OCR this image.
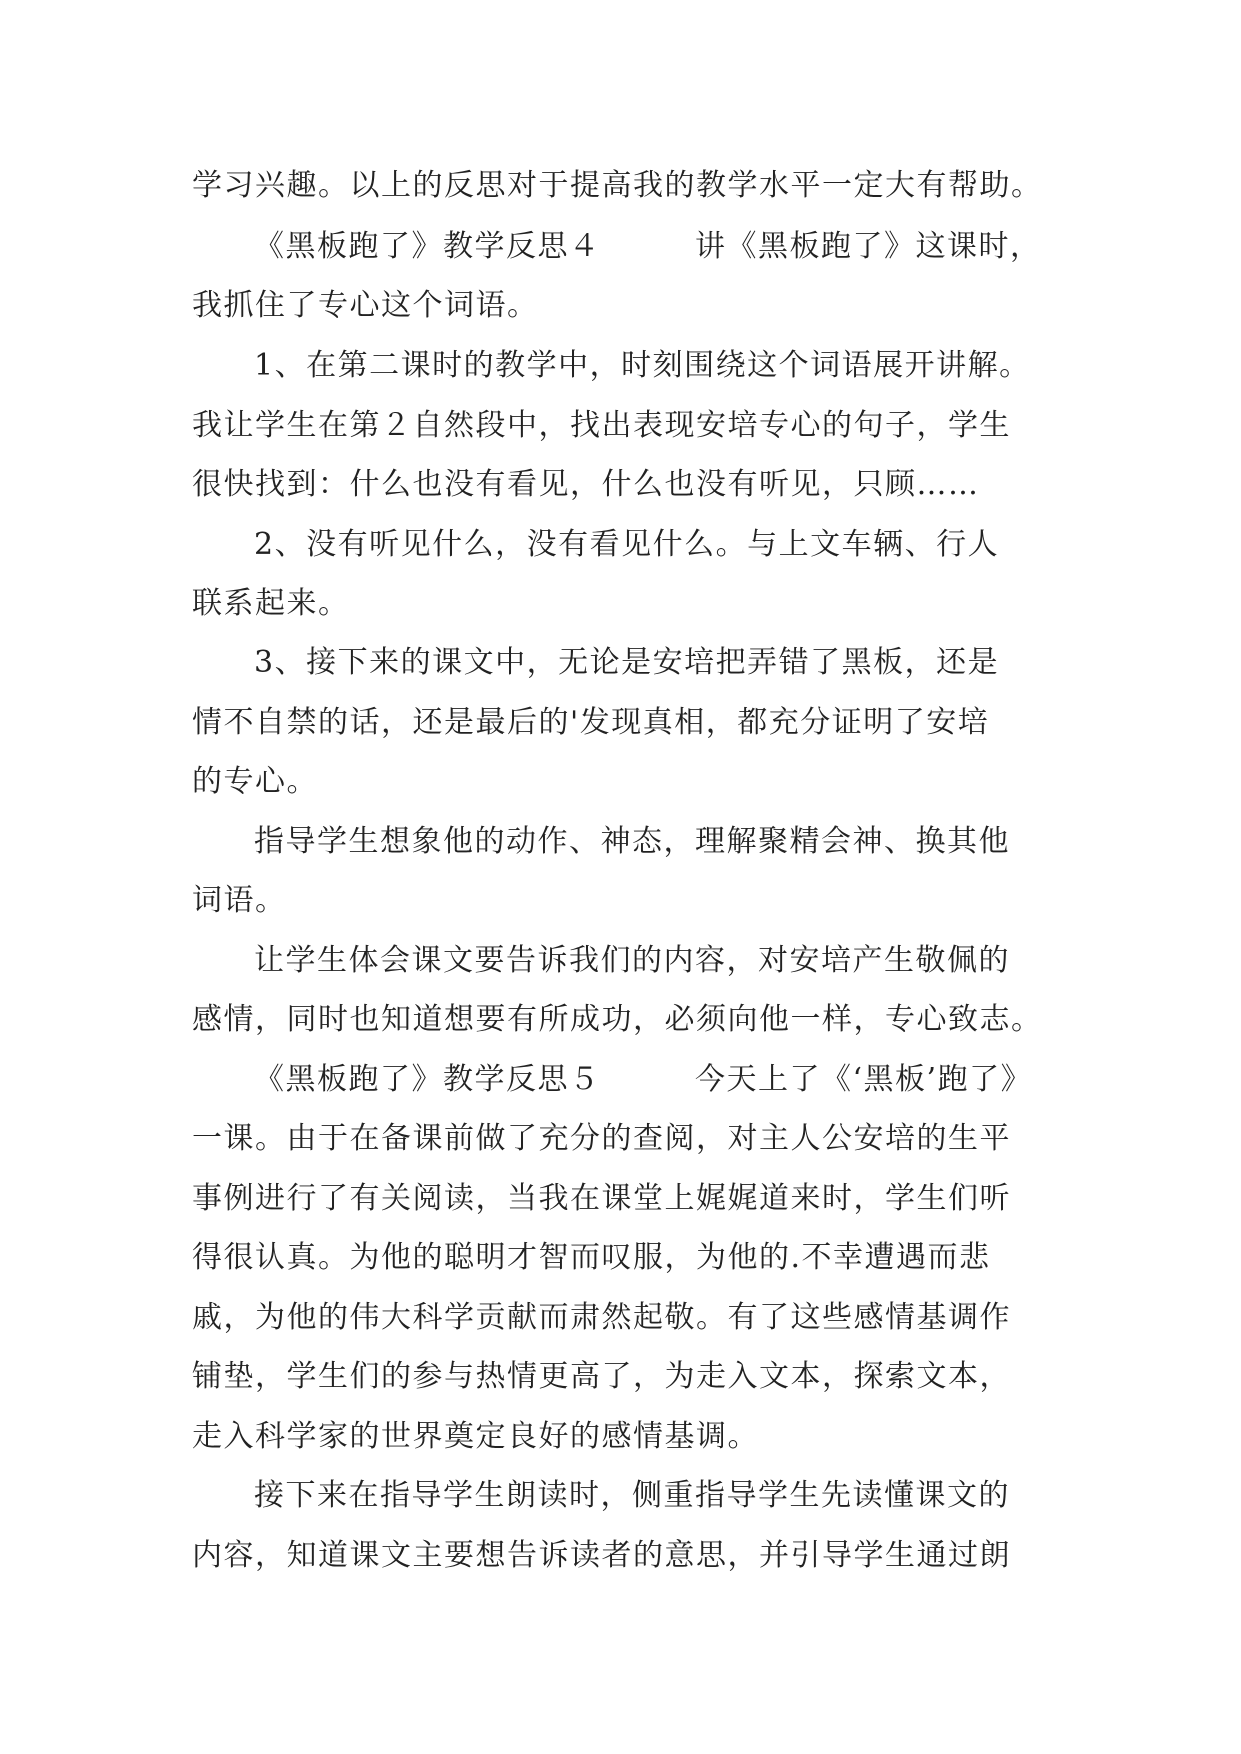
学习兴趣。以上的反思对于提高我的教学水平一定大有帮助。
《黑板跑了》教学反思４　　　讲《黑板跑了》这课时，
我抓住了专心这个词语。
1、在第二课时的教学中，时刻围绕这个词语展开讲解。
我让学生在第２自然段中，找出表现安培专心的句子，学生
很快找到：什么也没有看见，什么也没有听见，只顾……
2、没有听见什么，没有看见什么。与上文车辆、行人
联系起来。
3、接下来的课文中，无论是安培把弄错了黑板，还是
情不自禁的话，还是最后的'发现真相，都充分证明了安培
的专心。
指导学生想象他的动作、神态，理解聚精会神、换其他
词语。
让学生体会课文要告诉我们的内容，对安培产生敬佩的
感情，同时也知道想要有所成功，必须向他一样，专心致志。
《黑板跑了》教学反思５　　　今天上了《‘黑板’跑了》
一课。由于在备课前做了充分的查阅，对主人公安培的生平
事例进行了有关阅读，当我在课堂上娓娓道来时，学生们听
得很认真。为他的聪明才智而叹服，为他的.不幸遭遇而悲
戚，为他的伟大科学贡献而肃然起敬。有了这些感情基调作
铺垫，学生们的参与热情更高了，为走入文本，探索文本，
走入科学家的世界奠定良好的感情基调。
接下来在指导学生朗读时，侧重指导学生先读懂课文的
内容，知道课文主要想告诉读者的意思，并引导学生通过朗
